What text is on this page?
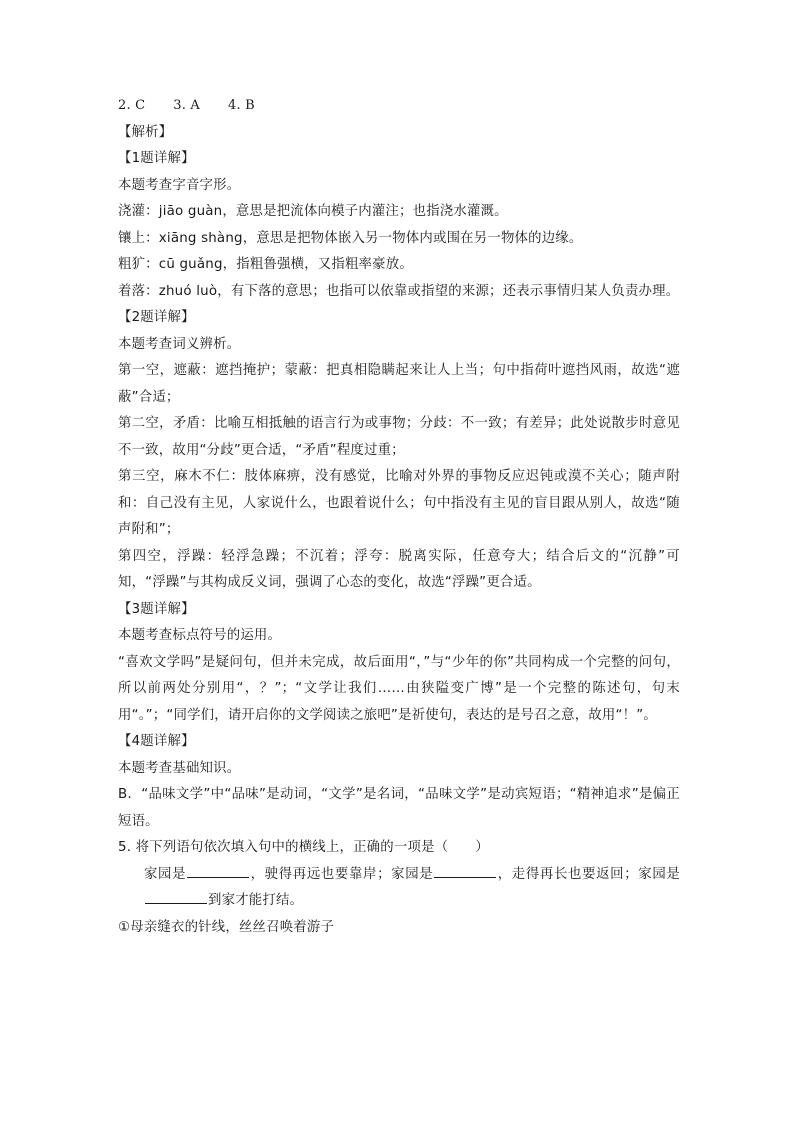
2. C 3. A 4. B
【解析】
【1题详解】
本题考查字音字形。
浇灌：jiāo guàn，意思是把流体向模子内灌注；也指浇水灌溉。
镶上：xiāng shàng，意思是把物体嵌入另一物体内或围在另一物体的边缘。
粗犷：cū guǎng，指粗鲁强横，又指粗率豪放。
着落：zhuó luò，有下落的意思；也指可以依靠或指望的来源；还表示事情归某人负责办理。
【2题详解】
本题考查词义辨析。
第一空，遮蔽：遮挡掩护；蒙蔽：把真相隐瞒起来让人上当；句中指荷叶遮挡风雨，故选“遮蔽”合适；
第二空，矛盾：比喻互相抵触的语言行为或事物；分歧：不一致；有差异；此处说散步时意见不一致，故用“分歧”更合适，“矛盾”程度过重；
第三空，麻木不仁：肢体麻痹，没有感觉，比喻对外界的事物反应迟钝或漠不关心；随声附和：自己没有主见，人家说什么，也跟着说什么；句中指没有主见的盲目跟从别人，故选“随声附和”；
第四空，浮躁：轻浮急躁；不沉着；浮夸：脱离实际，任意夸大；结合后文的“沉静”可知，“浮躁”与其构成反义词，强调了心态的变化，故选“浮躁”更合适。
【3题详解】
本题考查标点符号的运用。
“喜欢文学吗”是疑问句，但并未完成，故后面用“，”与“少年的你”共同构成一个完整的问句，所以前两处分别用“，？”；“文学让我们……由狭隘变广博”是一个完整的陈述句，句末用“。”；“同学们，请开启你的文学阅读之旅吧”是祈使句，表达的是号召之意，故用“！”。
【4题详解】
本题考查基础知识。
B．“品味文学”中“品味”是动词，“文学”是名词，“品味文学”是动宾短语；“精神追求”是偏正短语。
5. 将下列语句依次填入句中的横线上，正确的一项是（　　）
家园是	，驶得再远也要靠岸；家园是	，走得再长也要返回；家园是到家才能打结。
①母亲缝衣的针线，丝丝召唤着游子
